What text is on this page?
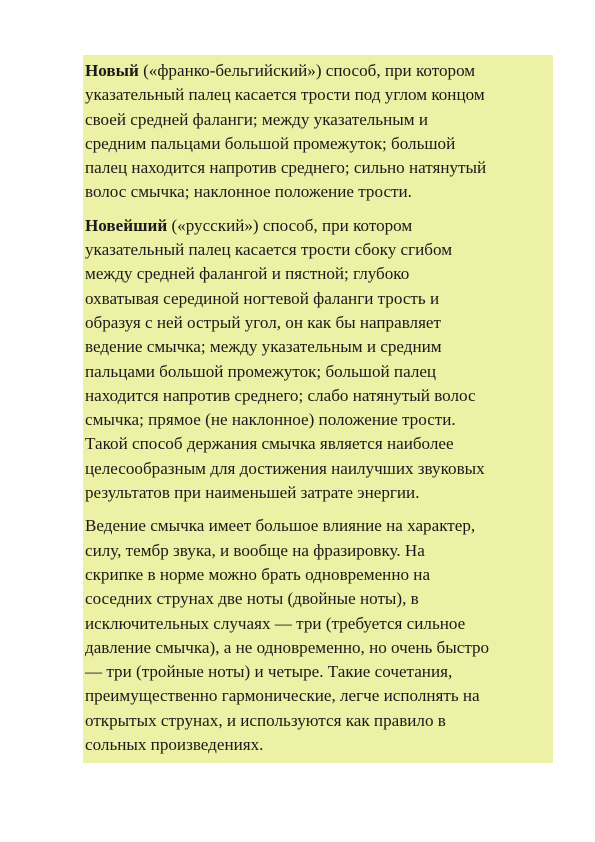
Новый («франко-бельгийский») способ, при котором
указательный палец касается трости под углом концом
своей средней фаланги; между указательным и
средним пальцами большой промежуток; большой
палец находится напротив среднего; сильно натянутый
волос смычка; наклонное положение трости.

Новейший («русский») способ, при котором
указательный палец касается трости сбоку сгибом
между средней фалангой и пястной; глубоко
охватывая серединой ногтевой фаланги трость и
образуя с ней острый угол, он как бы направляет
ведение смычка; между указательным и средним
пальцами большой промежуток; большой палец
находится напротив среднего; слабо натянутый волос
смычка; прямое (не наклонное) положение трости.
Такой способ держания смычка является наиболее
целесообразным для достижения наилучших звуковых
результатов при наименьшей затрате энергии.

Ведение смычка имеет большое влияние на характер,
силу, тембр звука, и вообще на фразировку. На
скрипке в норме можно брать одновременно на
соседних струнах две ноты (двойные ноты), в
исключительных случаях — три (требуется сильное
давление смычка), а не одновременно, но очень быстро
— три (тройные ноты) и четыре. Такие сочетания,
преимущественно гармонические, легче исполнять на
открытых струнах, и используются как правило в
сольных произведениях.
